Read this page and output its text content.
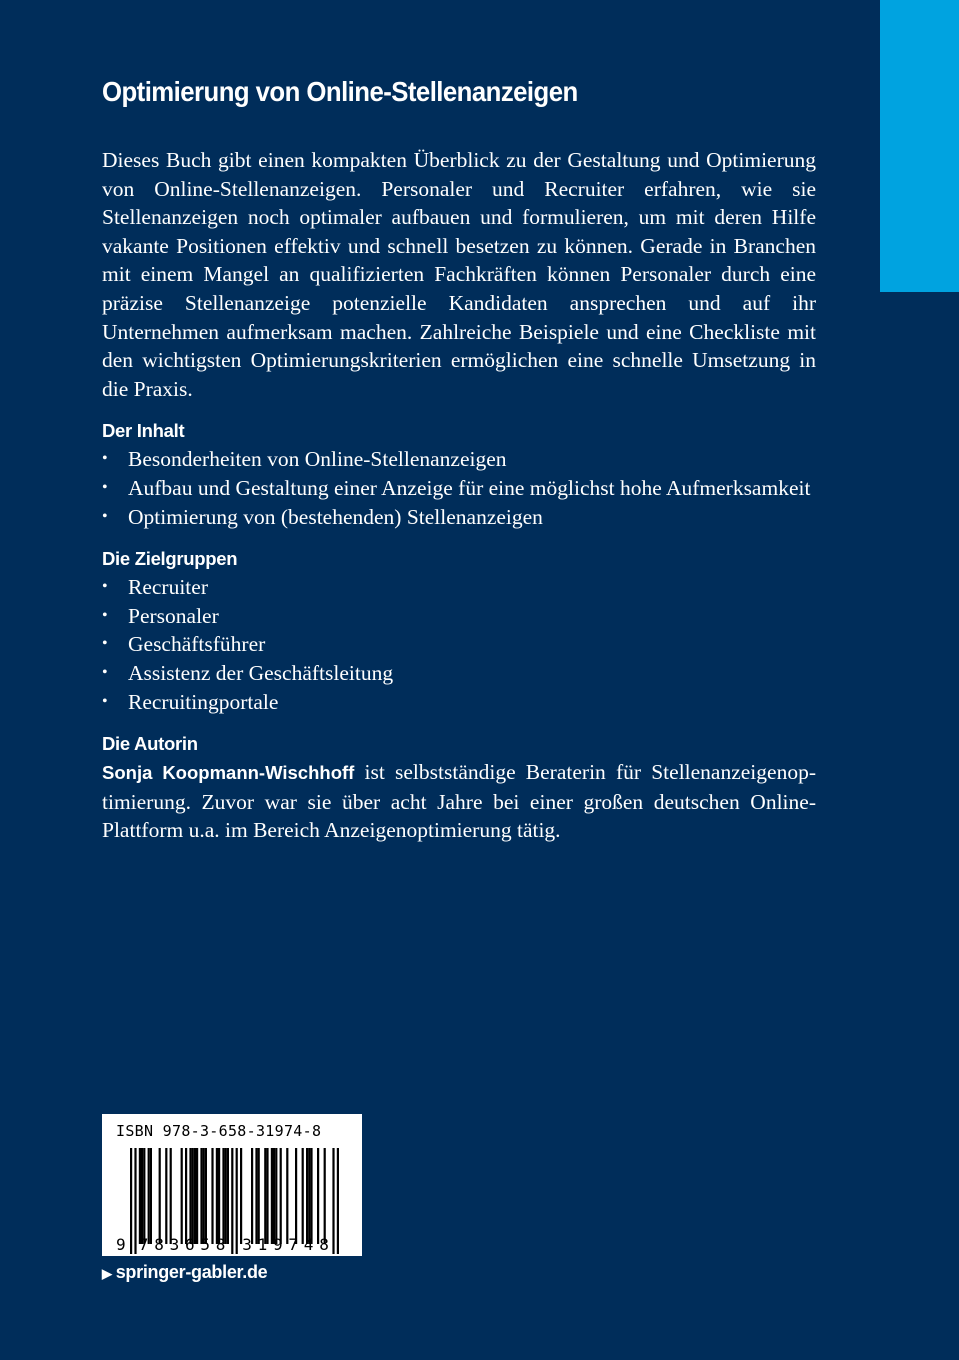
Optimierung von Online-Stellenanzeigen

Dieses Buch gibt einen kompakten Überblick zu der Gestaltung und Optimierung von Online-Stellenanzeigen. Personaler und Recruiter erfahren, wie sie Stellenanzeigen noch optimaler aufbauen und formulieren, um mit deren Hilfe vakante Positionen effektiv und schnell besetzen zu können. Gerade in Branchen mit einem Mangel an qualifizierten Fachkräften können Personaler durch eine präzise Stellenanzeige potenzielle Kandidaten ansprechen und auf ihr Unternehmen aufmerksam machen. Zahlreiche Beispiele und eine Checkliste mit den wichtigsten Optimierungskriterien ermöglichen eine schnelle Umsetzung in die Praxis.

Der Inhalt
• Besonderheiten von Online-Stellenanzeigen
• Aufbau und Gestaltung einer Anzeige für eine möglichst hohe Aufmerksamkeit
• Optimierung von (bestehenden) Stellenanzeigen
Die Zielgruppen
• Recruiter
• Personaler
• Geschäftsführer
• Assistenz der Geschäftsleitung
• Recruitingportale
Die Autorin

Sonja Koopmann-Wischhoff ist selbstständige Beraterin für Stellenanzeigenoptimierung. Zuvor war sie über acht Jahre bei einer großen deutschen Online-Plattform u.a. im Bereich Anzeigenoptimierung tätig.

ISBN 978-3-658-31974-8
9 7 8 3 6 5 8 3 1 9 7 4 8
▶ springer-gabler.de
